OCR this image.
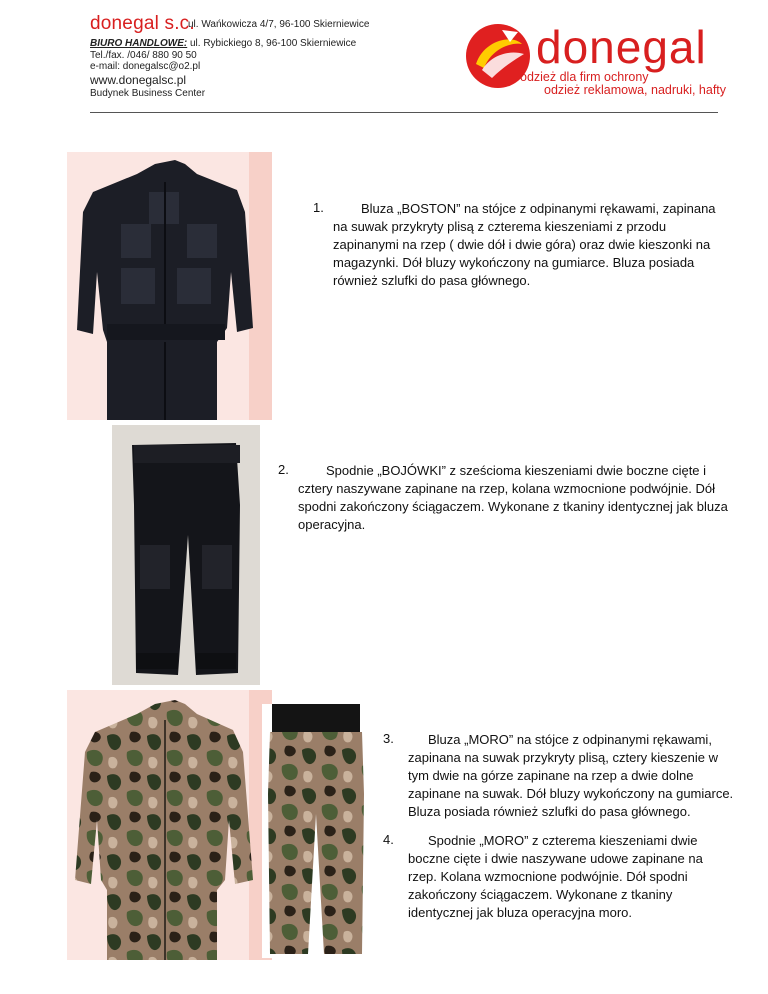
donegal s.c.
ul. Wańkowicza 4/7, 96-100 Skierniewice
BIURO HANDLOWE: ul. Rybickiego 8, 96-100 Skierniewice
Tel./fax. /046/ 880 90 50
e-mail: donegalsc@o2.pl
www.donegalsc.pl
Budynek Business Center
donegal
odzież dla firm ochrony
odzież reklamowa, nadruki, hafty
1.	Bluza „BOSTON” na stójce z odpinanymi rękawami, zapinana
na suwak przykryty plisą z czterema kieszeniami z przodu
zapinanymi na rzep ( dwie dół i dwie góra) oraz dwie kieszonki na
magazynki. Dół bluzy wykończony na gumiarce. Bluza posiada
również szlufki do pasa głównego.
2.	Spodnie „BOJÓWKI” z sześcioma kieszeniami dwie boczne cięte i
cztery naszywane zapinane na rzep, kolana wzmocnione podwójnie. Dół
spodni zakończony ściągaczem. Wykonane z tkaniny identycznej jak bluza
operacyjna.
3.	Bluza „MORO” na stójce z odpinanymi rękawami,
zapinana na suwak przykryty plisą, cztery kieszenie w
tym dwie na górze zapinane na rzep a dwie dolne
zapinane na suwak. Dół bluzy wykończony na gumiarce.
Bluza posiada również szlufki do pasa głównego.
4.	Spodnie „MORO” z czterema kieszeniami dwie
boczne cięte i dwie naszywane udowe zapinane na
rzep. Kolana wzmocnione podwójnie. Dół spodni
zakończony ściągaczem. Wykonane z tkaniny
identycznej jak bluza operacyjna moro.
